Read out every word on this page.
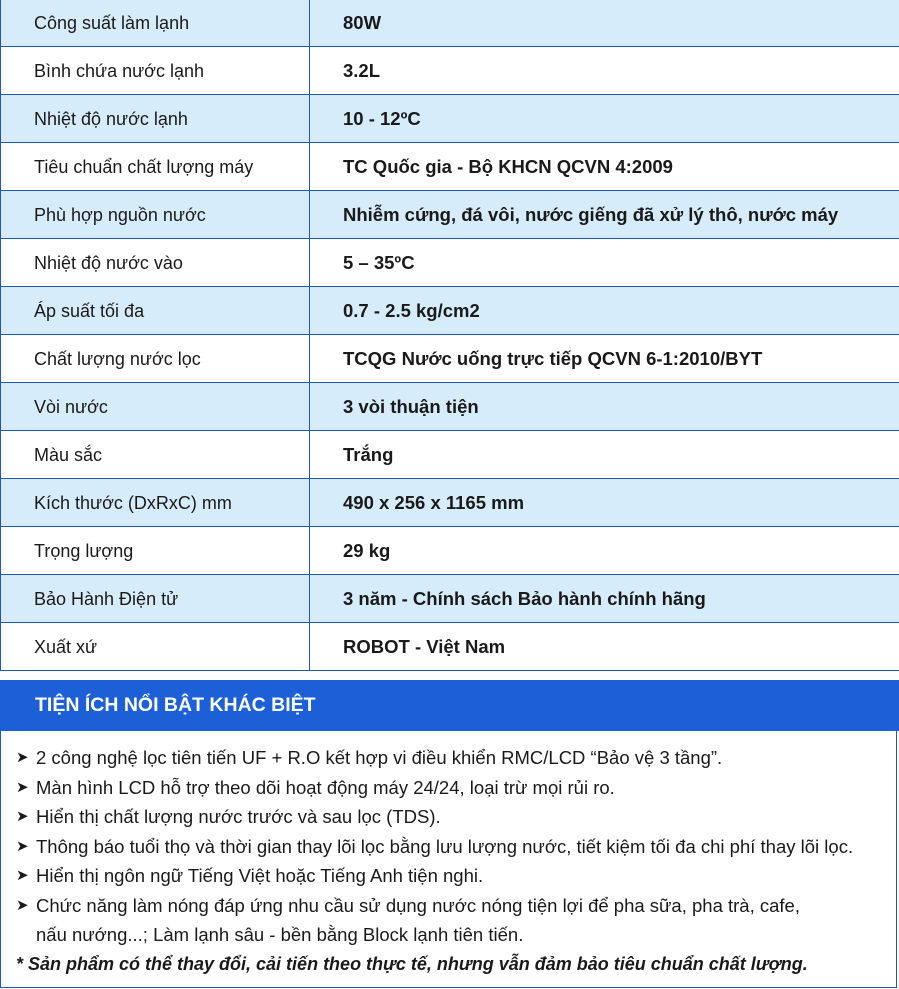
Công suất làm lạnh	80W
Bình chứa nước lạnh	3.2L
Nhiệt độ nước lạnh	10 - 12ºC
Tiêu chuẩn chất lượng máy	TC Quốc gia - Bộ KHCN QCVN 4:2009
Phù hợp nguồn nước	Nhiễm cứng, đá vôi, nước giếng đã xử lý thô, nước máy
Nhiệt độ nước vào	5 – 35ºC
Áp suất tối đa	0.7 - 2.5 kg/cm2
Chất lượng nước lọc	TCQG Nước uống trực tiếp QCVN 6-1:2010/BYT
Vòi nước	3 vòi thuận tiện
Màu sắc	Trắng
Kích thước (DxRxC) mm	490 x 256 x 1165 mm
Trọng lượng	29 kg
Bảo Hành Điện tử	3 năm - Chính sách Bảo hành chính hãng
Xuất xứ	ROBOT - Việt Nam
TIỆN ÍCH NỔI BẬT KHÁC BIỆT
➤ 2 công nghệ lọc tiên tiến UF + R.O kết hợp vi điều khiển RMC/LCD “Bảo vệ 3 tầng”.
➤ Màn hình LCD hỗ trợ theo dõi hoạt động máy 24/24, loại trừ mọi rủi ro.
➤ Hiển thị chất lượng nước trước và sau lọc (TDS).
➤ Thông báo tuổi thọ và thời gian thay lõi lọc bằng lưu lượng nước, tiết kiệm tối đa chi phí thay lõi lọc.
➤ Hiển thị ngôn ngữ Tiếng Việt hoặc Tiếng Anh tiện nghi.
➤ Chức năng làm nóng đáp ứng nhu cầu sử dụng nước nóng tiện lợi để pha sữa, pha trà, cafe,
nấu nướng...; Làm lạnh sâu - bền bằng Block lạnh tiên tiến.
* Sản phẩm có thể thay đổi, cải tiến theo thực tế, nhưng vẫn đảm bảo tiêu chuẩn chất lượng.
